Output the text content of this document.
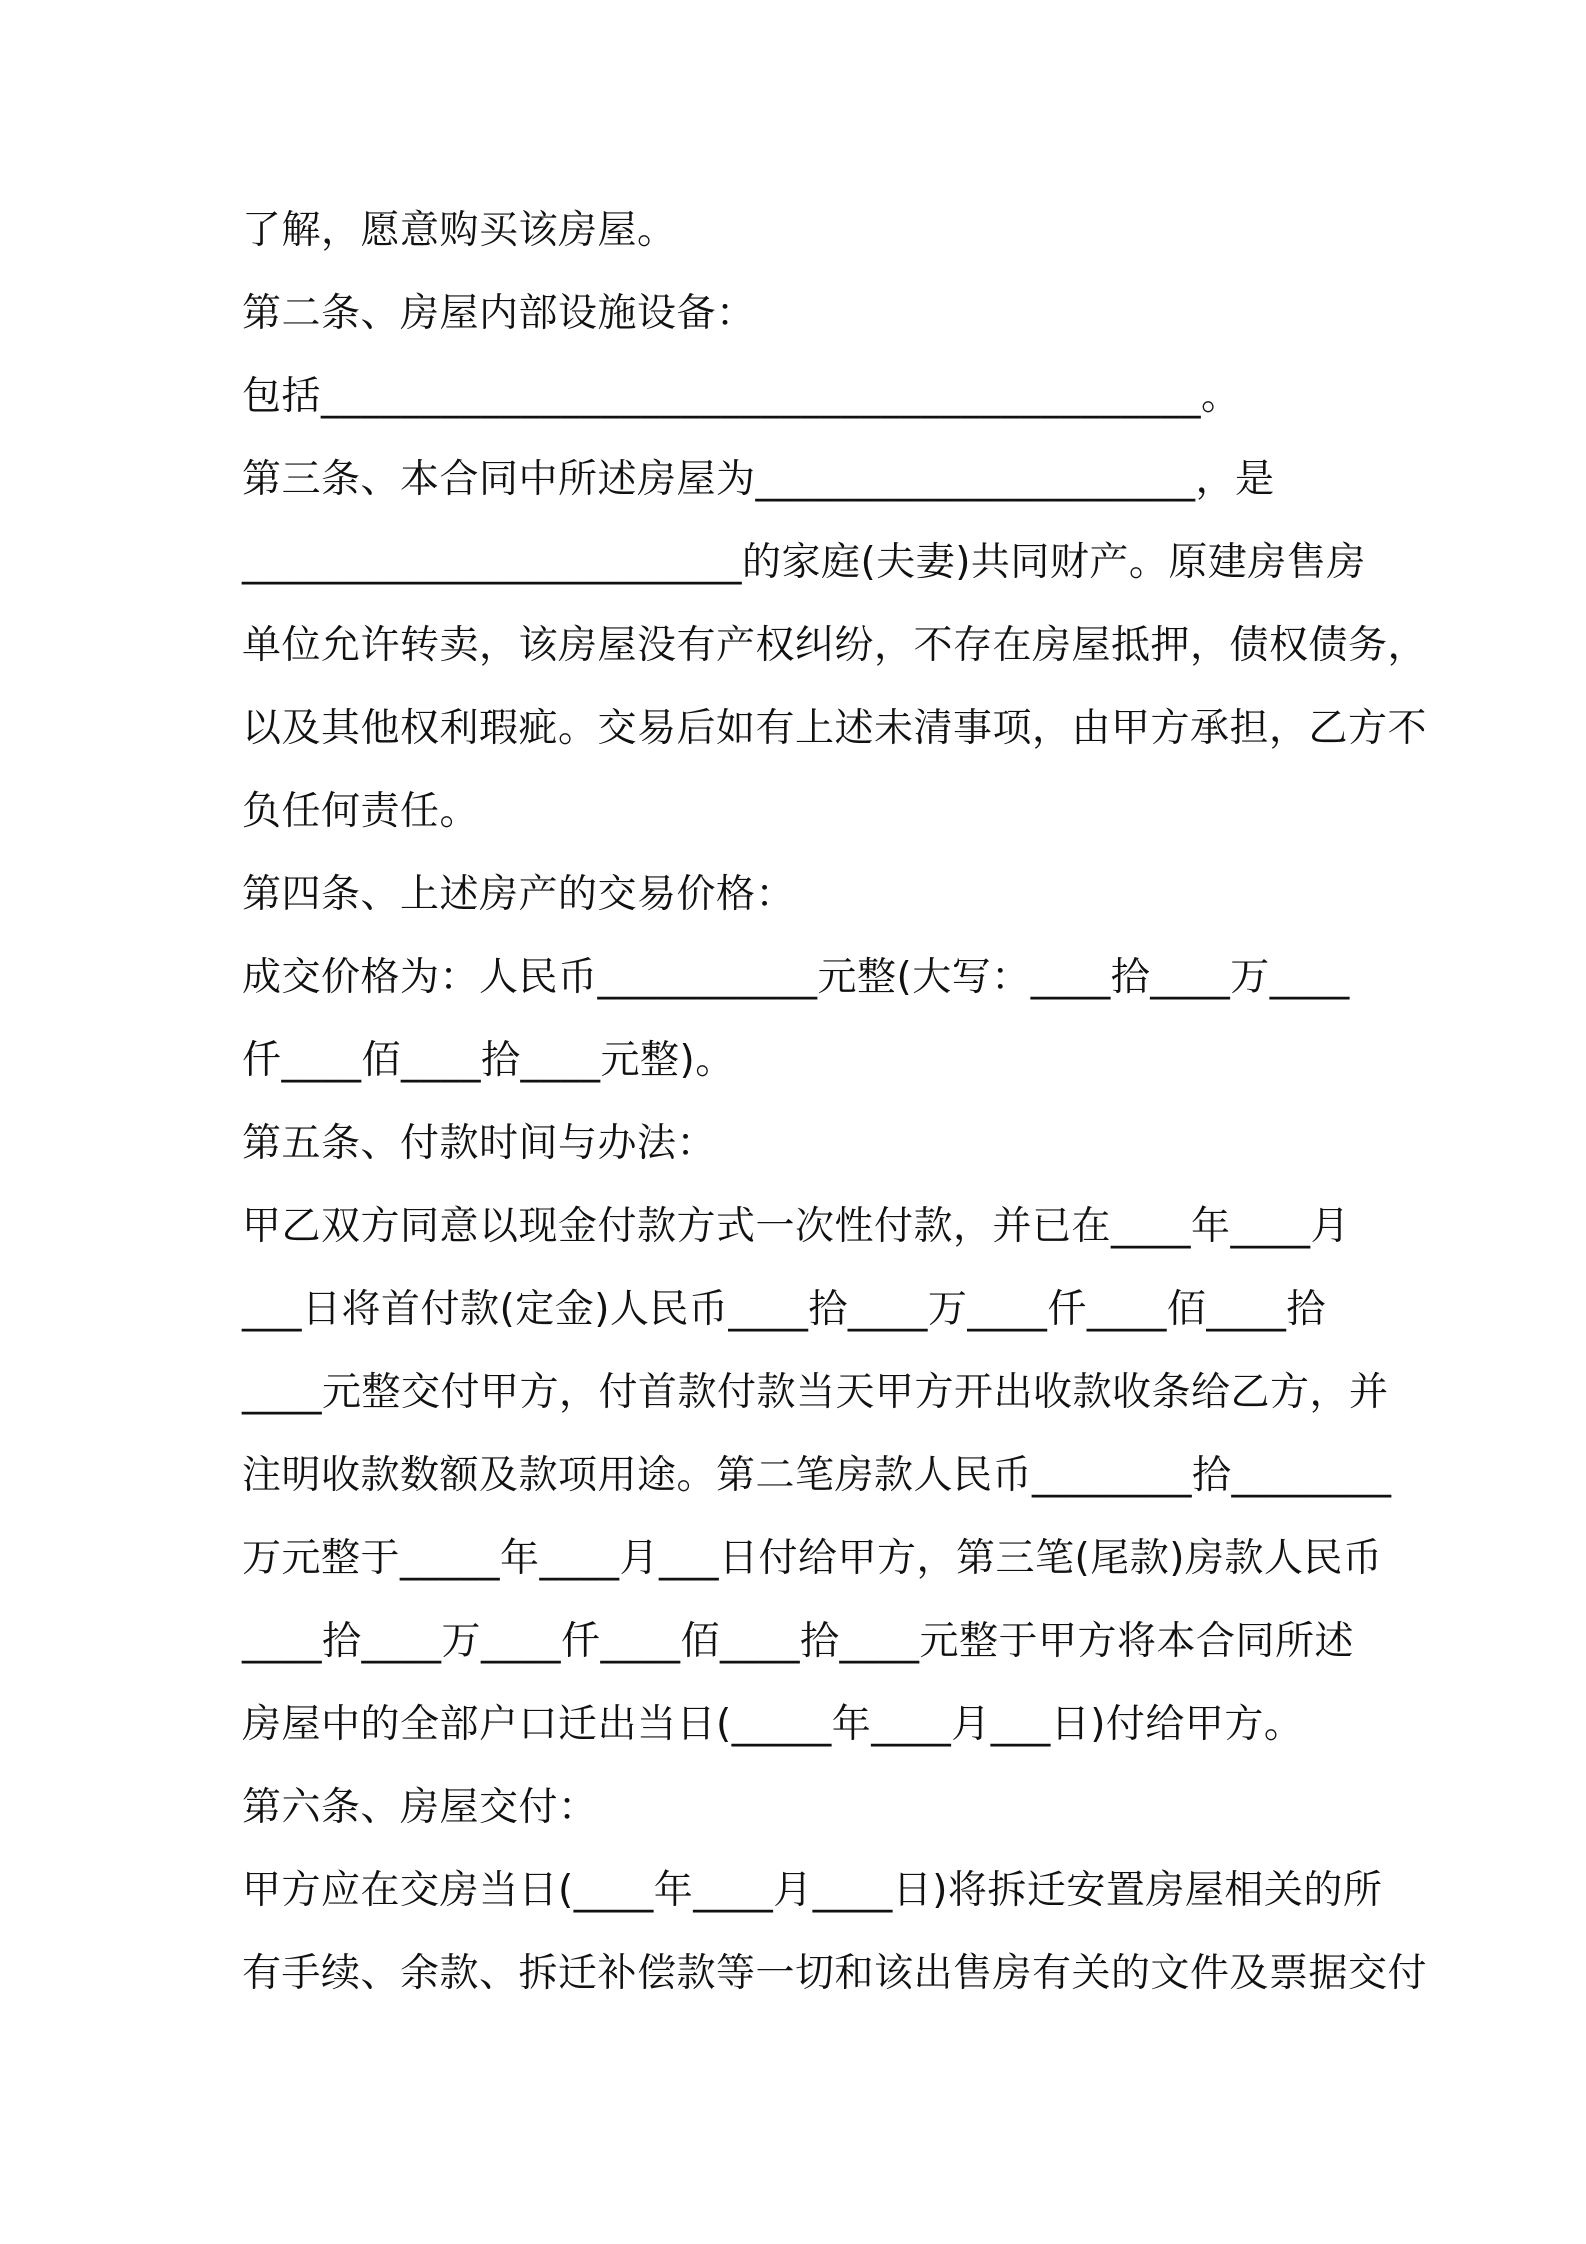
了解，愿意购买该房屋。
第二条、房屋内部设施设备：
包括____________________________________________。
第三条、本合同中所述房屋为______________________，是
_________________________的家庭(夫妻)共同财产。原建房售房
单位允许转卖，该房屋没有产权纠纷，不存在房屋抵押，债权债务，
以及其他权利瑕疵。交易后如有上述未清事项，由甲方承担，乙方不
负任何责任。
第四条、上述房产的交易价格：
成交价格为：人民币___________元整(大写：____拾____万____
仟____佰____拾____元整)。
第五条、付款时间与办法：
甲乙双方同意以现金付款方式一次性付款，并已在____年____月
___日将首付款(定金)人民币____拾____万____仟____佰____拾
____元整交付甲方，付首款付款当天甲方开出收款收条给乙方，并
注明收款数额及款项用途。第二笔房款人民币________拾________
万元整于_____年____月___日付给甲方，第三笔(尾款)房款人民币
____拾____万____仟____佰____拾____元整于甲方将本合同所述
房屋中的全部户口迁出当日(_____年____月___日)付给甲方。
第六条、房屋交付：
甲方应在交房当日(____年____月____日)将拆迁安置房屋相关的所
有手续、余款、拆迁补偿款等一切和该出售房有关的文件及票据交付
